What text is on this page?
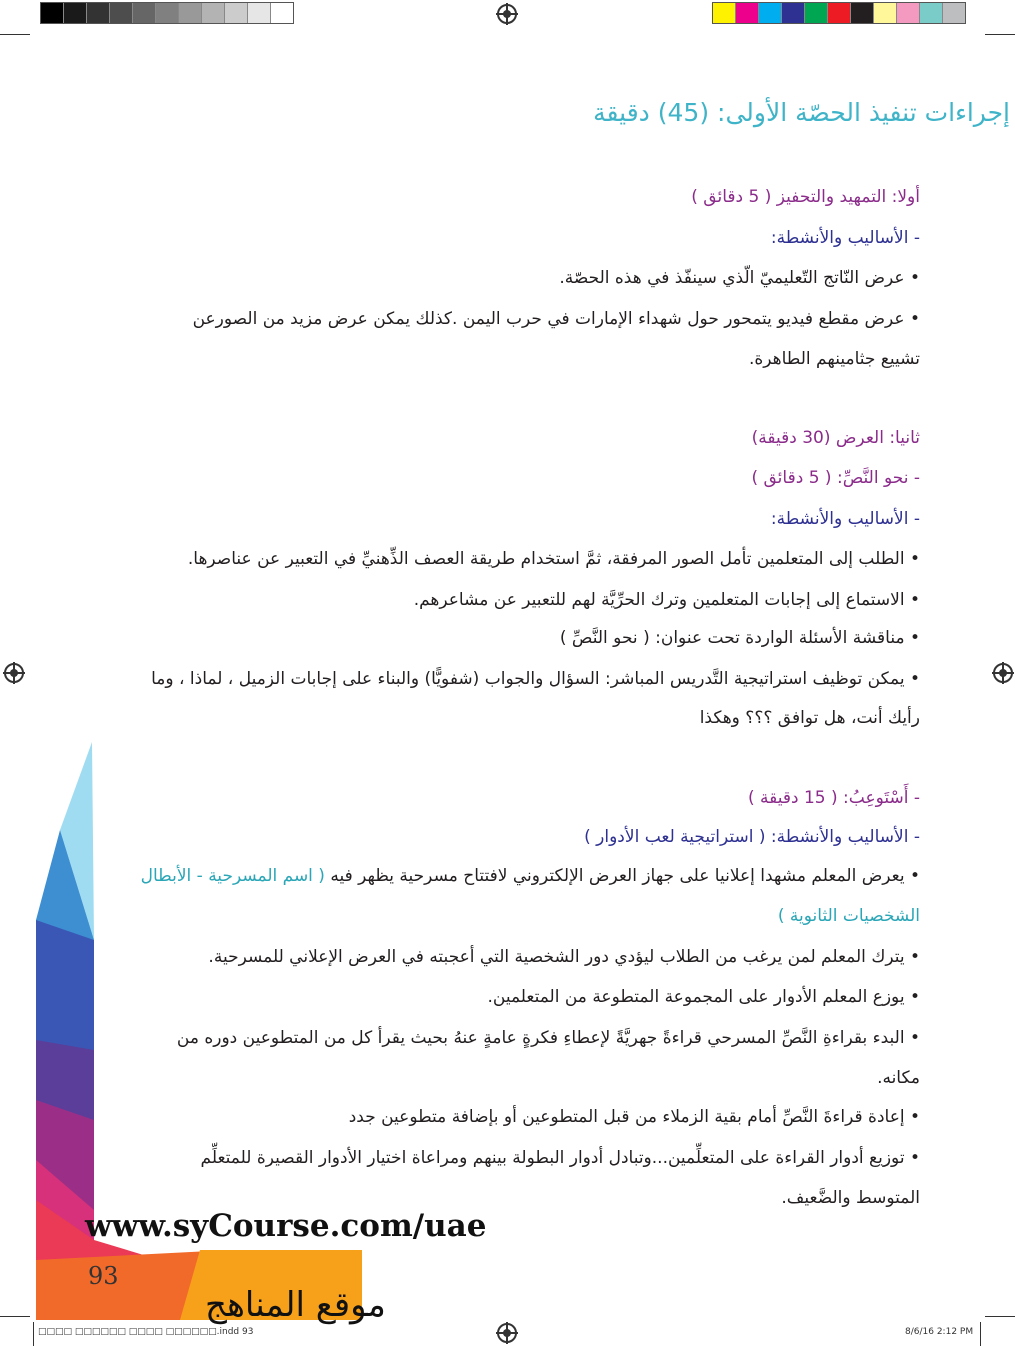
إجراءات تنفيذ الحصّة الأولى: (45) دقيقة
أولا: التمهيد والتحفيز ( 5 دقائق )
- الأساليب والأنشطة:
• عرض النّاتج التّعليميّ الّذي سينفّذ في هذه الحصّة.
• عرض مقطع فيديو يتمحور حول شهداء الإمارات في حرب اليمن .كذلك يمكن عرض مزيد من الصورعن
تشييع جثامينهم الطاهرة.
ثانيا: العرض (30 دقيقة)
- نحو النَّصِّ: ( 5 دقائق )
- الأساليب والأنشطة:
• الطلب إلى المتعلمين تأمل الصور المرفقة، ثمَّ استخدام طريقة العصف الذِّهنيِّ في التعبير عن عناصرها.
• الاستماع إلى إجابات المتعلمين وترك الحرِّيَّة لهم للتعبير عن مشاعرهم.
• مناقشة الأسئلة الواردة تحت عنوان: ( نحو النَّصِّ )
• يمكن توظيف استراتيجية التَّدريس المباشر: السؤال والجواب (شفويًّا) والبناء على إجابات الزميل ، لماذا ، وما
رأيك أنت، هل توافق ؟؟؟ وهكذا
- أَسْتَوعِبُ: ( 15 دقيقة )
- الأساليب والأنشطة: ( استراتيجية لعب الأدوار )
• يعرض المعلم مشهدا إعلانيا على جهاز العرض الإلكتروني لافتتاح مسرحية يظهر فيه ( اسم المسرحية - الأبطال
الشخصيات الثانوية )
• يترك المعلم لمن يرغب من الطلاب ليؤدي دور الشخصية التي أعجبته في العرض الإعلاني للمسرحية.
• يوزع المعلم الأدوار على المجموعة المتطوعة من المتعلمين.
• البدء بقراءةِ النَّصِّ المسرحي قراءةً جهريَّةً لإعطاءِ فكرةٍ عامةٍ عنهُ بحيث يقرأ كل من المتطوعين دوره من
مكانه.
• إعادة قراءةَ النَّصِّ أمام بقية الزملاء من قبل المتطوعين أو بإضافة متطوعين جدد
• توزيع أدوار القراءة على المتعلِّمين...وتبادل أدوار البطولة بينهم ومراعاة اختيار الأدوار القصيرة للمتعلِّم
المتوسط والضَّعيف.
www.syCourse.com/uae
93
موقع المناهج
□□□□ □□□□□□ □□□□ □□□□□□.indd 93	8/6/16 2:12 PM
